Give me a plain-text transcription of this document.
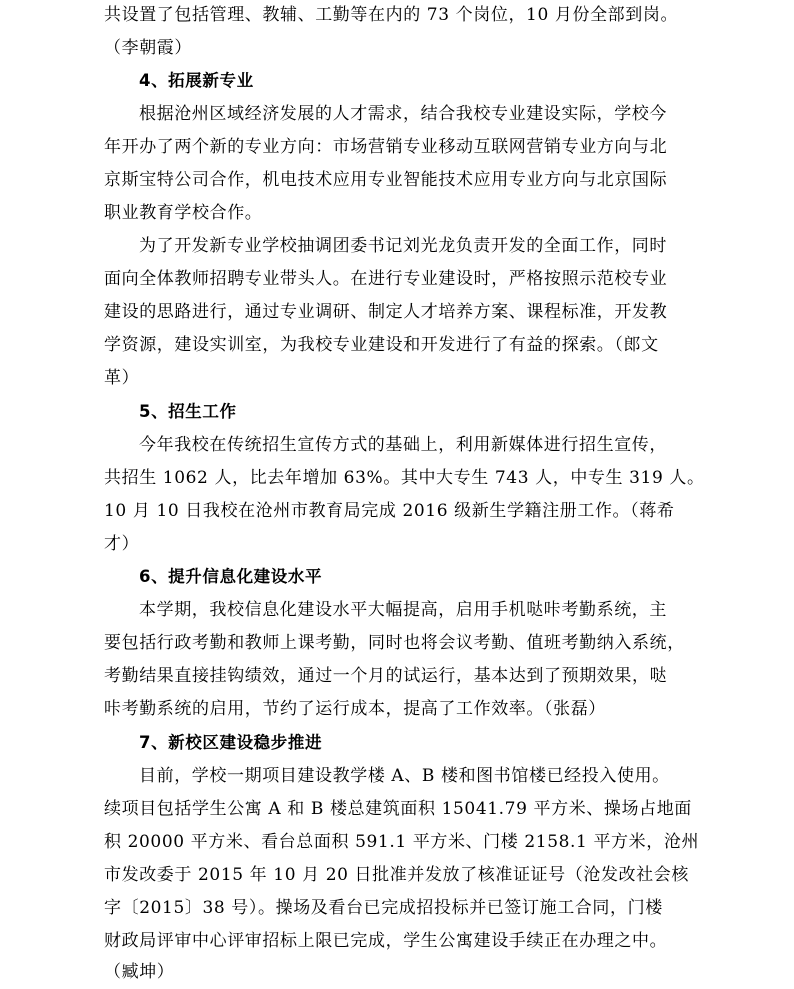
共设置了包括管理、教辅、工勤等在内的 73 个岗位，10 月份全部到岗。
（李朝霞）
4、拓展新专业
根据沧州区域经济发展的人才需求，结合我校专业建设实际，学校今
年开办了两个新的专业方向：市场营销专业移动互联网营销专业方向与北
京斯宝特公司合作，机电技术应用专业智能技术应用专业方向与北京国际
职业教育学校合作。
为了开发新专业学校抽调团委书记刘光龙负责开发的全面工作，同时
面向全体教师招聘专业带头人。在进行专业建设时，严格按照示范校专业
建设的思路进行，通过专业调研、制定人才培养方案、课程标准，开发教
学资源，建设实训室，为我校专业建设和开发进行了有益的探索。（郎文
革）
5、招生工作
今年我校在传统招生宣传方式的基础上，利用新媒体进行招生宣传，
共招生 1062 人，比去年增加 63%。其中大专生 743 人，中专生 319 人。
10 月 10 日我校在沧州市教育局完成 2016 级新生学籍注册工作。（蒋希
才）
6、提升信息化建设水平
本学期，我校信息化建设水平大幅提高，启用手机哒咔考勤系统，主
要包括行政考勤和教师上课考勤，同时也将会议考勤、值班考勤纳入系统，
考勤结果直接挂钩绩效，通过一个月的试运行，基本达到了预期效果，哒
咔考勤系统的启用，节约了运行成本，提高了工作效率。（张磊）
7、新校区建设稳步推进
目前，学校一期项目建设教学楼 A、B 楼和图书馆楼已经投入使用。
续项目包括学生公寓 A 和 B 楼总建筑面积 15041.79 平方米、操场占地面
积 20000 平方米、看台总面积 591.1 平方米、门楼 2158.1 平方米，沧州
市发改委于 2015 年 10 月 20 日批准并发放了核准证证号（沧发改社会核
字〔2015〕38 号）。操场及看台已完成招投标并已签订施工合同，门楼
财政局评审中心评审招标上限已完成，学生公寓建设手续正在办理之中。
（臧坤）
